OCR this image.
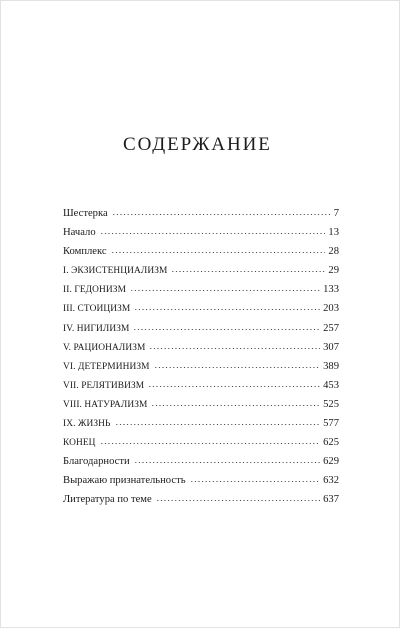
СОДЕРЖАНИЕ
Шестерка	7
Начало	13
Комплекс	28
I. ЭКЗИСТЕНЦИАЛИЗМ	29
II. ГЕДОНИЗМ	133
III. СТОИЦИЗМ	203
IV. НИГИЛИЗМ	257
V. РАЦИОНАЛИЗМ	307
VI. ДЕТЕРМИНИЗМ	389
VII. РЕЛЯТИВИЗМ	453
VIII. НАТУРАЛИЗМ	525
IX. ЖИЗНЬ	577
КОНЕЦ	625
Благодарности	629
Выражаю признательность	632
Литература по теме	637
